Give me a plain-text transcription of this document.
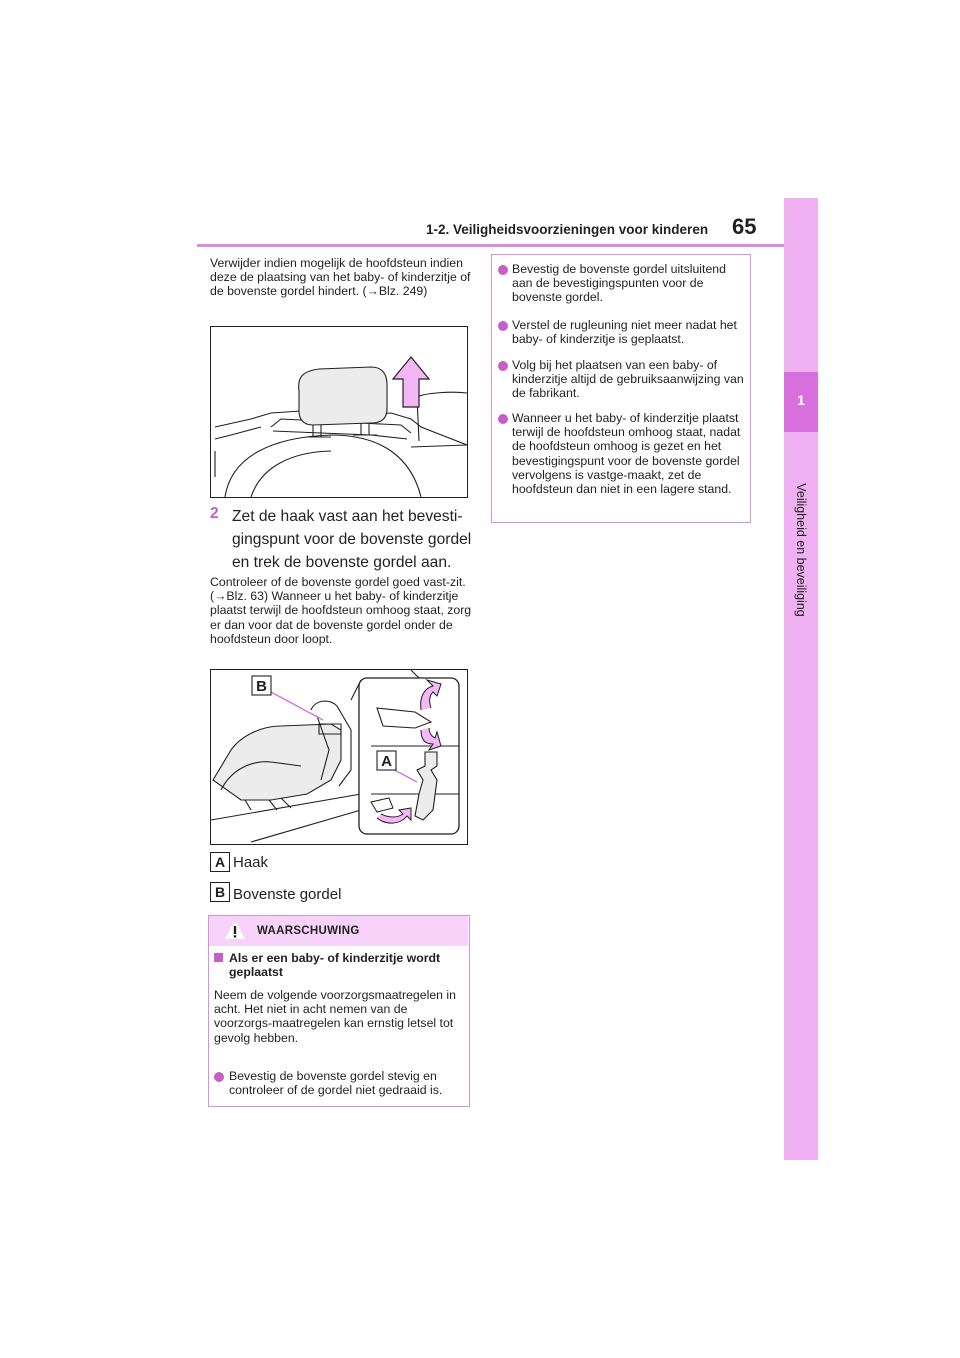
1-2. Veiligheidsvoorzieningen voor kinderen 65
1
Veiligheid en beveiliging
Verwijder indien mogelijk de hoofdsteun indien deze de plaatsing van het baby- of kinderzitje of de bovenste gordel hindert. (→Blz. 249)
2 Zet de haak vast aan het bevesti-gingspunt voor de bovenste gordel en trek de bovenste gordel aan.
Controleer of de bovenste gordel goed vast-zit. (→Blz. 63) Wanneer u het baby- of kinderzitje plaatst terwijl de hoofdsteun omhoog staat, zorg er dan voor dat de bovenste gordel onder de hoofdsteun door loopt.
B
A
A Haak
B Bovenste gordel
WAARSCHUWING
Als er een baby- of kinderzitje wordt geplaatst
Neem de volgende voorzorgsmaatregelen in acht. Het niet in acht nemen van de voorzorgs-maatregelen kan ernstig letsel tot gevolg hebben.
Bevestig de bovenste gordel stevig en controleer of de gordel niet gedraaid is.
Bevestig de bovenste gordel uitsluitend aan de bevestigingspunten voor de bovenste gordel.
Verstel de rugleuning niet meer nadat het baby- of kinderzitje is geplaatst.
Volg bij het plaatsen van een baby- of kinderzitje altijd de gebruiksaanwijzing van de fabrikant.
Wanneer u het baby- of kinderzitje plaatst terwijl de hoofdsteun omhoog staat, nadat de hoofdsteun omhoog is gezet en het bevestigingspunt voor de bovenste gordel vervolgens is vastge-maakt, zet de hoofdsteun dan niet in een lagere stand.
